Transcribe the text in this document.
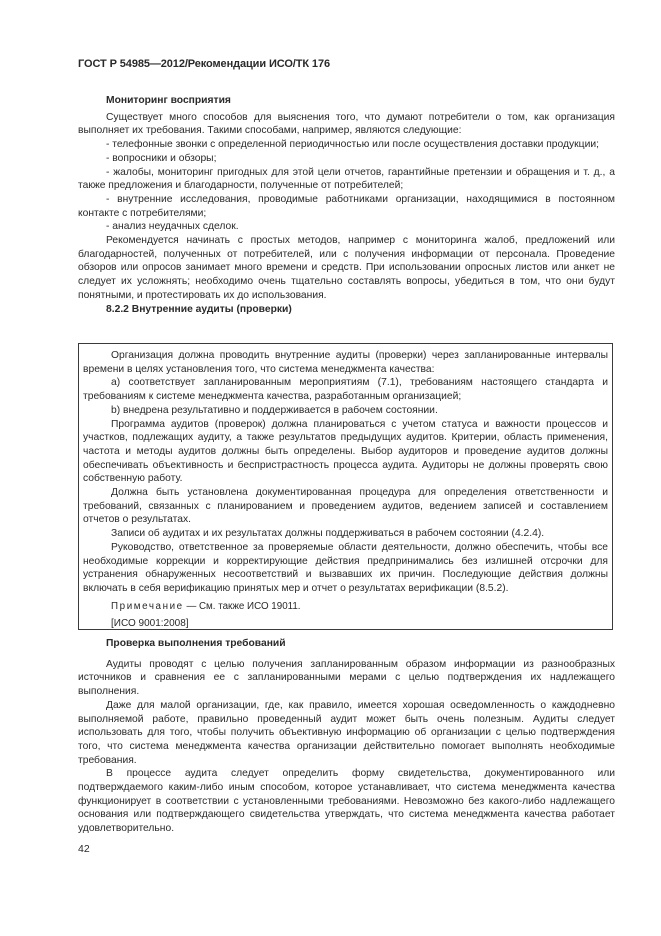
ГОСТ Р 54985—2012/Рекомендации ИСО/ТК 176
Мониторинг восприятия

Существует много способов для выяснения того, что думают потребители о том, как организация выполняет их требования. Такими способами, например, являются следующие:

- телефонные звонки с определенной периодичностью или после осуществления доставки продукции;

- вопросники и обзоры;

- жалобы, мониторинг пригодных для этой цели отчетов, гарантийные претензии и обращения и т. д., а также предложения и благодарности, полученные от потребителей;

- внутренние исследования, проводимые работниками организации, находящимися в постоянном контакте с потребителями;

- анализ неудачных сделок.

Рекомендуется начинать с простых методов, например с мониторинга жалоб, предложений или благодарностей, полученных от потребителей, или с получения информации от персонала. Проведение обзоров или опросов занимает много времени и средств. При использовании опросных листов или анкет не следует их усложнять; необходимо очень тщательно составлять вопросы, убедиться в том, что они будут понятными, и протестировать их до использования.

8.2.2 Внутренние аудиты (проверки)

Организация должна проводить внутренние аудиты (проверки) через запланированные интервалы времени в целях установления того, что система менеджмента качества:

a) соответствует запланированным мероприятиям (7.1), требованиям настоящего стандарта и требованиям к системе менеджмента качества, разработанным организацией;

b) внедрена результативно и поддерживается в рабочем состоянии.

Программа аудитов (проверок) должна планироваться с учетом статуса и важности процессов и участков, подлежащих аудиту, а также результатов предыдущих аудитов. Критерии, область применения, частота и методы аудитов должны быть определены. Выбор аудиторов и проведение аудитов должны обеспечивать объективность и беспристрастность процесса аудита. Аудиторы не должны проверять свою собственную работу.

Должна быть установлена документированная процедура для определения ответственности и требований, связанных с планированием и проведением аудитов, ведением записей и составлением отчетов о результатах.

Записи об аудитах и их результатах должны поддерживаться в рабочем состоянии (4.2.4).

Руководство, ответственное за проверяемые области деятельности, должно обеспечить, чтобы все необходимые коррекции и корректирующие действия предпринимались без излишней отсрочки для устранения обнаруженных несоответствий и вызвавших их причин. Последующие действия должны включать в себя верификацию принятых мер и отчет о результатах верификации (8.5.2).

Примечание — См. также ИСО 19011.
[ИСО 9001:2008]
Проверка выполнения требований

Аудиты проводят с целью получения запланированным образом информации из разнообразных источников и сравнения ее с запланированными мерами с целью подтверждения их надлежащего выполнения.

Даже для малой организации, где, как правило, имеется хорошая осведомленность о каждодневно выполняемой работе, правильно проведенный аудит может быть очень полезным. Аудиты следует использовать для того, чтобы получить объективную информацию об организации с целью подтверждения того, что система менеджмента качества организации действительно помогает выполнять необходимые требования.

В процессе аудита следует определить форму свидетельства, документированного или подтверждаемого каким-либо иным способом, которое устанавливает, что система менеджмента качества функционирует в соответствии с установленными требованиями. Невозможно без какого-либо надлежащего основания или подтверждающего свидетельства утверждать, что система менеджмента качества работает удовлетворительно.

42
